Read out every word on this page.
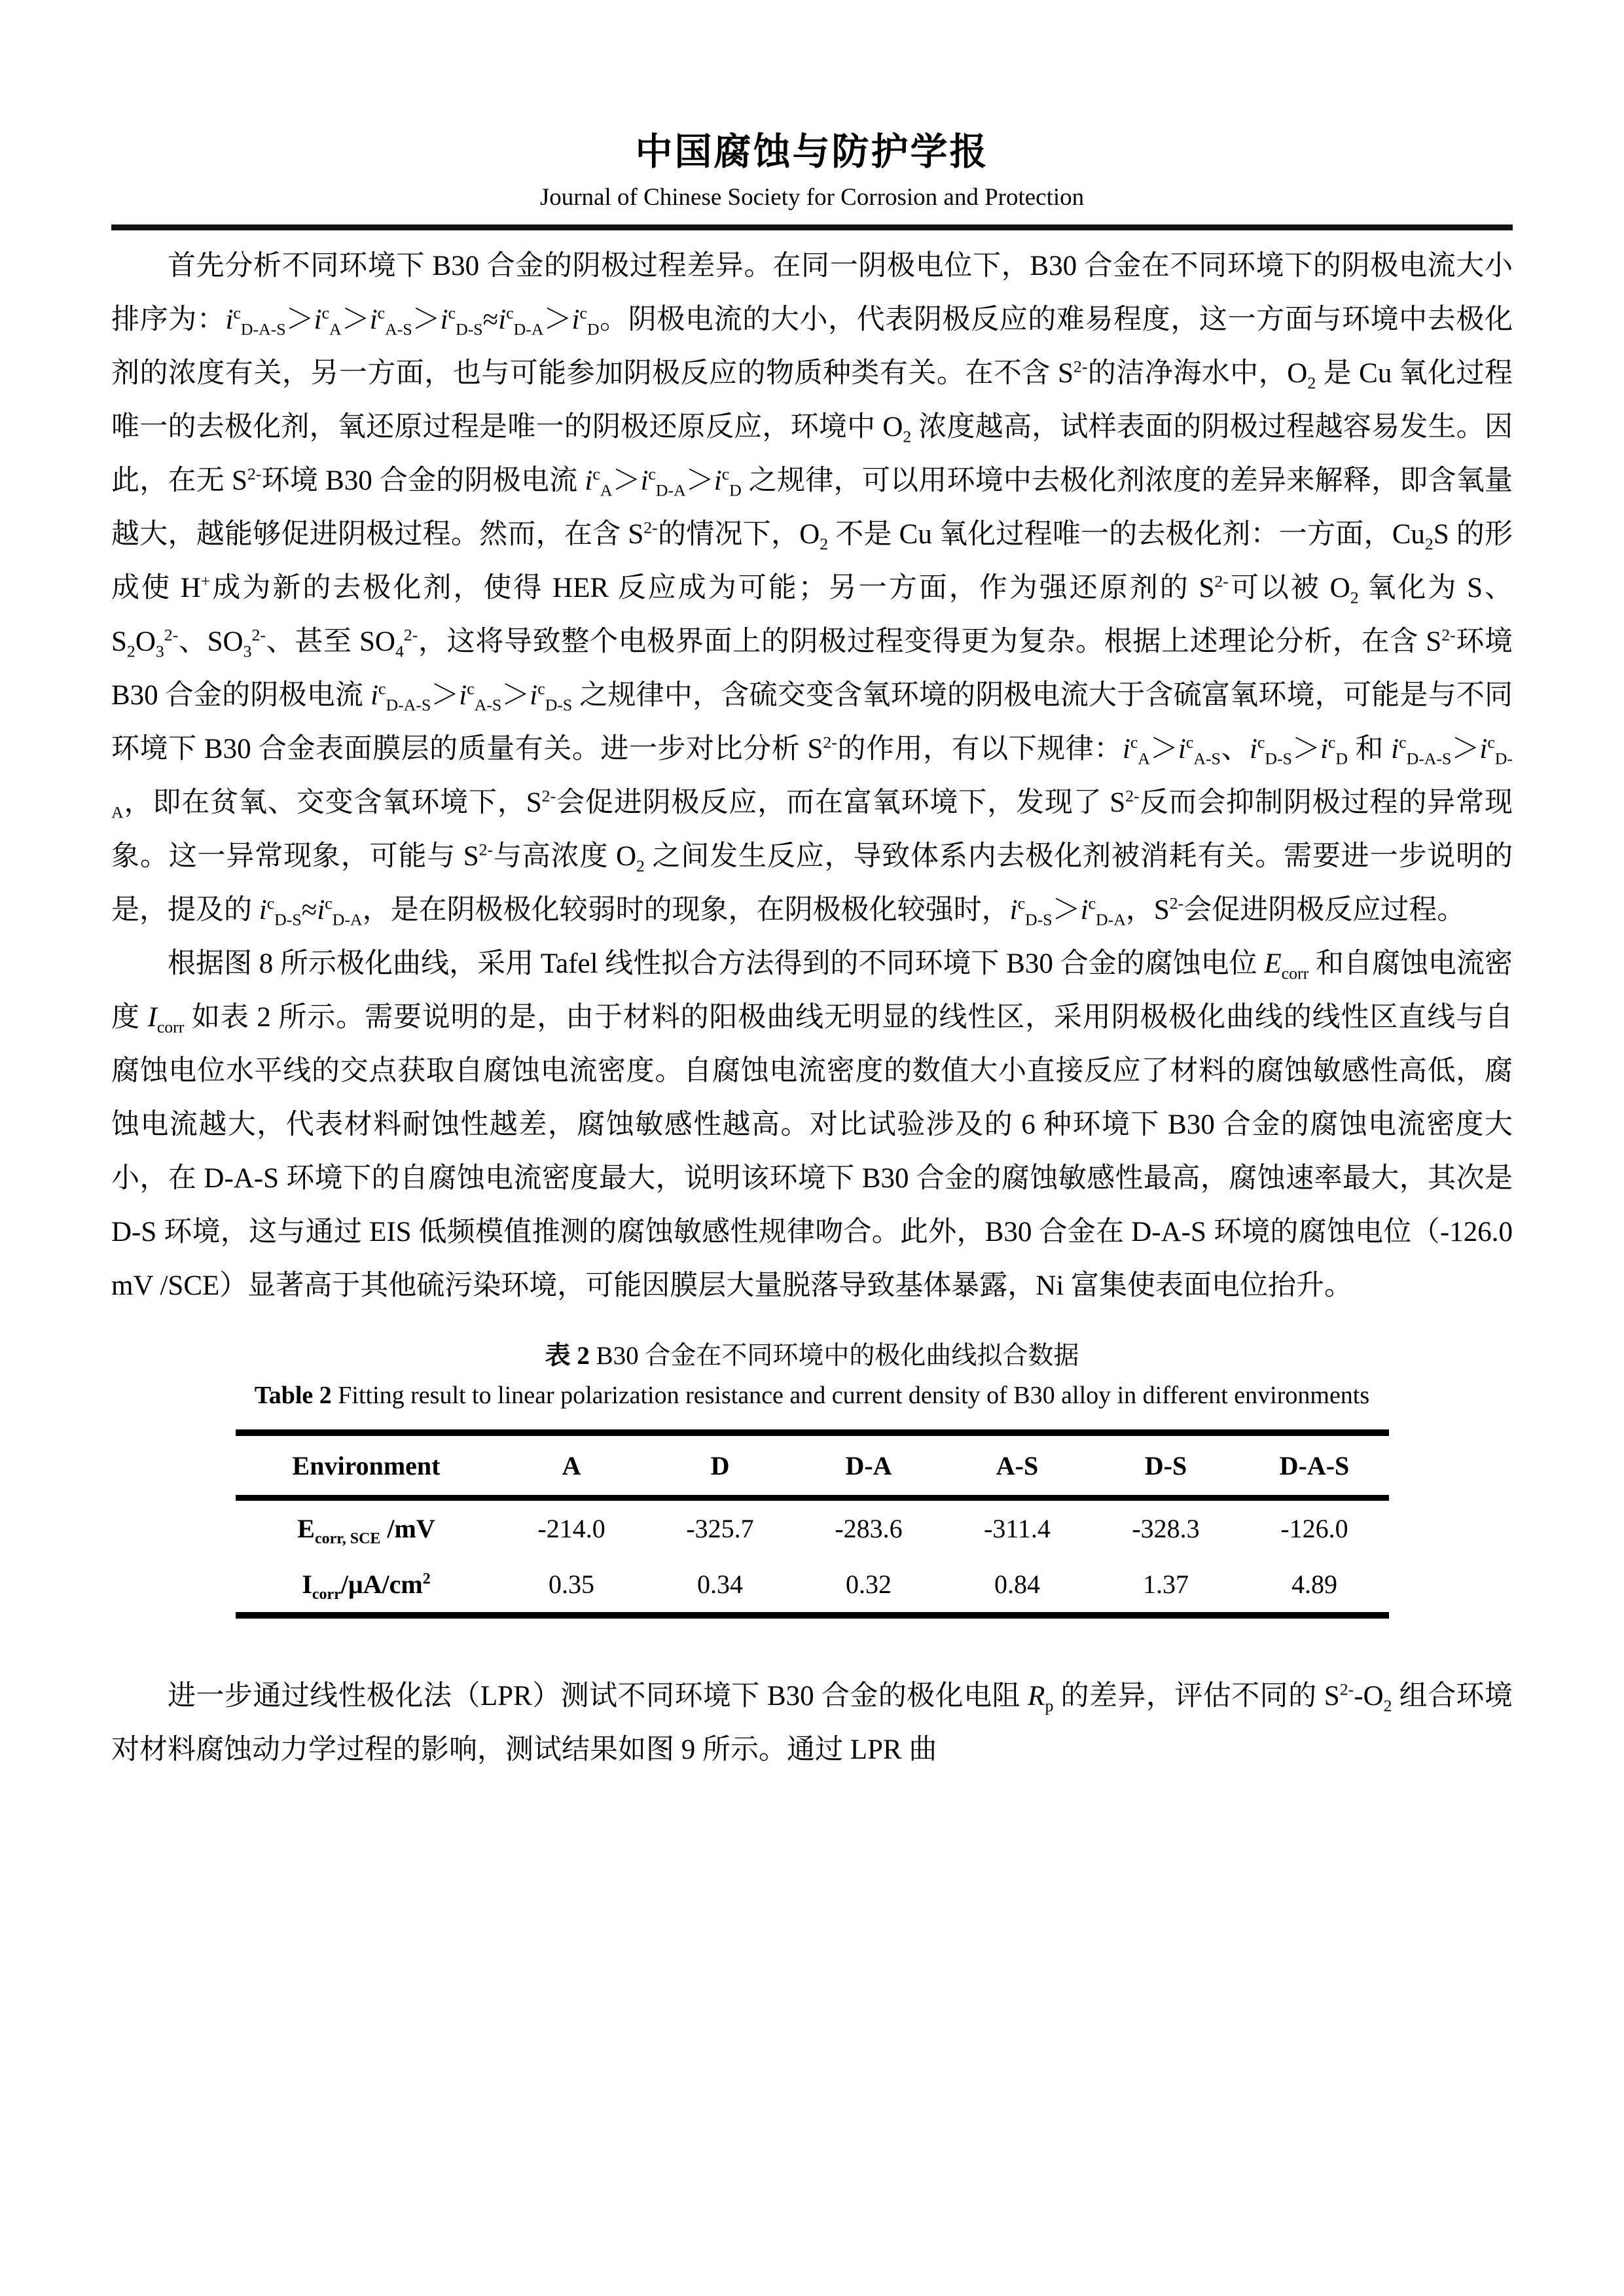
中国腐蚀与防护学报
Journal of Chinese Society for Corrosion and Protection

首先分析不同环境下 B30 合金的阴极过程差异。在同一阴极电位下，B30 合金在不同环境下的阴极电流大小排序为：$i^c_{D-A-S}>i^c_A>i^c_{A-S}>i^c_{D-S}\approx i^c_{D-A}>i^c_D$。阴极电流的大小，代表阴极反应的难易程度，这一方面与环境中去极化剂的浓度有关，另一方面，也与可能参加阴极反应的物质种类有关。在不含 $S^{2-}$的洁净海水中，$O_2$ 是 Cu 氧化过程唯一的去极化剂，氧还原过程是唯一的阴极还原反应，环境中 $O_2$ 浓度越高，试样表面的阴极过程越容易发生。因此，在无 $S^{2-}$环境 B30 合金的阴极电流 $i^c_A>i^c_{D-A}>i^c_D$ 之规律，可以用环境中去极化剂浓度的差异来解释，即含氧量越大，越能够促进阴极过程。然而，在含 $S^{2-}$的情况下，$O_2$ 不是 Cu 氧化过程唯一的去极化剂：一方面，$Cu_2S$ 的形成使 H+成为新的去极化剂，使得 HER 反应成为可能；另一方面，作为强还原剂的 $S^{2-}$可以被 $O_2$ 氧化为 S、$S_2O_3^{2-}$、$SO_3^{2-}$、甚至 $SO_4^{2-}$，这将导致整个电极界面上的阴极过程变得更为复杂。根据上述理论分析，在含 $S^{2-}$环境 B30 合金的阴极电流 $i^c_{D-A-S}>i^c_{A-S}>i^c_{D-S}$ 之规律中，含硫交变含氧环境的阴极电流大于含硫富氧环境，可能是与不同环境下 B30 合金表面膜层的质量有关。进一步对比分析 $S^{2-}$的作用，有以下规律：$i^c_A>i^c_{A-S}$、$i^c_{D-S}>i^c_D$ 和 $i^c_{D-A-S}>i^c_{D-A}$，即在贫氧、交变含氧环境下，$S^{2-}$会促进阴极反应，而在富氧环境下，发现了 $S^{2-}$反而会抑制阴极过程的异常现象。这一异常现象，可能与 $S^{2-}$与高浓度 $O_2$ 之间发生反应，导致体系内去极化剂被消耗有关。需要进一步说明的是，提及的 $i^c_{D-S}\approx i^c_{D-A}$，是在阴极极化较弱时的现象，在阴极极化较强时，$i^c_{D-S}>i^c_{D-A}$，$S^{2-}$会促进阴极反应过程。

根据图 8 所示极化曲线，采用 Tafel 线性拟合方法得到的不同环境下 B30 合金的腐蚀电位 $E_{corr}$ 和自腐蚀电流密度 $I_{corr}$ 如表 2 所示。需要说明的是，由于材料的阳极曲线无明显的线性区，采用阴极极化曲线的线性区直线与自腐蚀电位水平线的交点获取自腐蚀电流密度。自腐蚀电流密度的数值大小直接反应了材料的腐蚀敏感性高低，腐蚀电流越大，代表材料耐蚀性越差，腐蚀敏感性越高。对比试验涉及的 6 种环境下 B30 合金的腐蚀电流密度大小，在 D-A-S 环境下的自腐蚀电流密度最大，说明该环境下 B30 合金的腐蚀敏感性最高，腐蚀速率最大，其次是 D-S 环境，这与通过 EIS 低频模值推测的腐蚀敏感性规律吻合。此外，B30 合金在 D-A-S 环境的腐蚀电位（-126.0 mV /SCE）显著高于其他硫污染环境，可能因膜层大量脱落导致基体暴露，Ni 富集使表面电位抬升。

表 2 B30 合金在不同环境中的极化曲线拟合数据
Table 2 Fitting result to linear polarization resistance and current density of B30 alloy in different environments
Environment	A	D	D-A	A-S	D-S	D-A-S
$E_{corr, SCE}$ /mV	-214.0	-325.7	-283.6	-311.4	-328.3	-126.0
$I_{corr}/\mu A/cm^2$	0.35	0.34	0.32	0.84	1.37	4.89

进一步通过线性极化法（LPR）测试不同环境下 B30 合金的极化电阻 $R_p$ 的差异，评估不同的 $S^{2-}-O_2$ 组合环境对材料腐蚀动力学过程的影响，测试结果如图 9 所示。通过 LPR 曲
